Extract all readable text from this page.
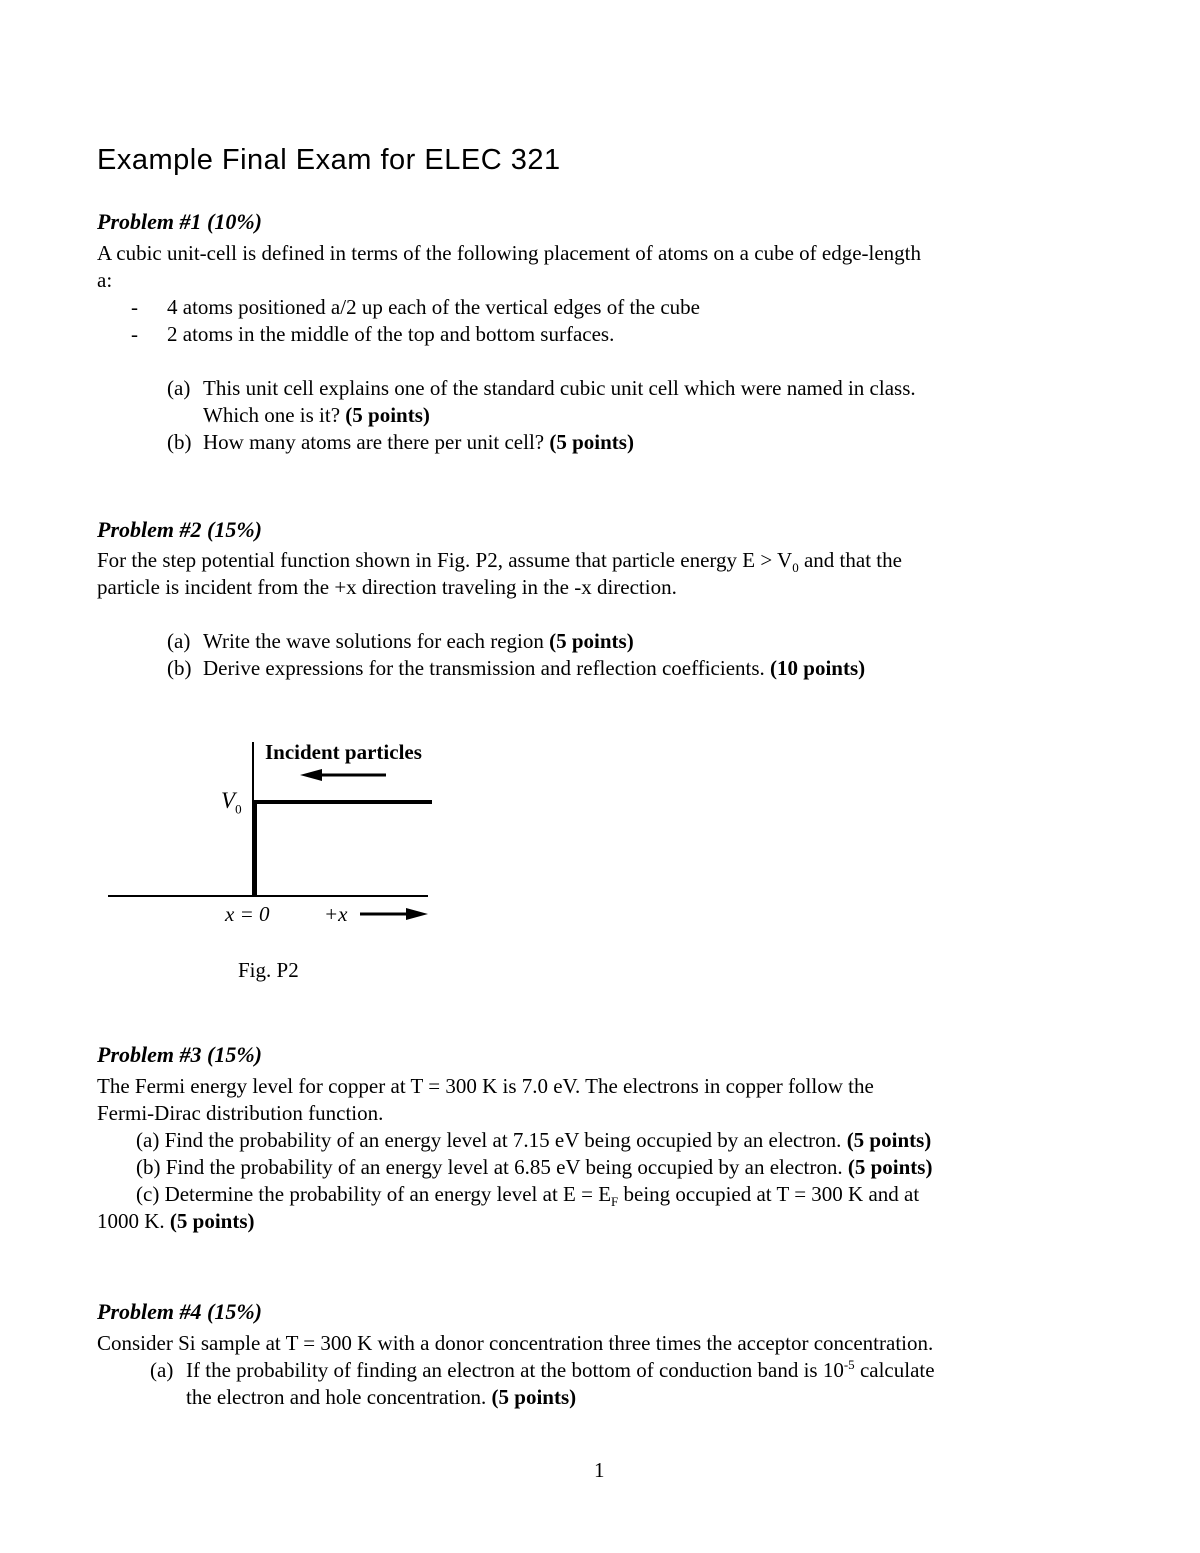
Example Final Exam for ELEC 321
Problem #1 (10%)
A cubic unit-cell is defined in terms of the following placement of atoms on a cube of edge-length
a:
- 4 atoms positioned a/2 up each of the vertical edges of the cube
- 2 atoms in the middle of the top and bottom surfaces.
(a) This unit cell explains one of the standard cubic unit cell which were named in class.
Which one is it? (5 points)
(b) How many atoms are there per unit cell? (5 points)
Problem #2 (15%)
For the step potential function shown in Fig. P2, assume that particle energy $E > V_0$ and that the
particle is incident from the +x direction traveling in the -x direction.
(a) Write the wave solutions for each region (5 points)
(b) Derive expressions for the transmission and reflection coefficients. (10 points)
Incident particles
$V_0$
x = 0	+x
Fig. P2
Problem #3 (15%)
The Fermi energy level for copper at T = 300 K is 7.0 eV. The electrons in copper follow the
Fermi-Dirac distribution function.
(a) Find the probability of an energy level at 7.15 eV being occupied by an electron. (5 points)
(b) Find the probability of an energy level at 6.85 eV being occupied by an electron. (5 points)
(c) Determine the probability of an energy level at $E = E_F$ being occupied at T = 300 K and at
1000 K. (5 points)
Problem #4 (15%)
Consider Si sample at T = 300 K with a donor concentration three times the acceptor concentration.
(a) If the probability of finding an electron at the bottom of conduction band is $10^{-5}$ calculate
the electron and hole concentration. (5 points)
1
